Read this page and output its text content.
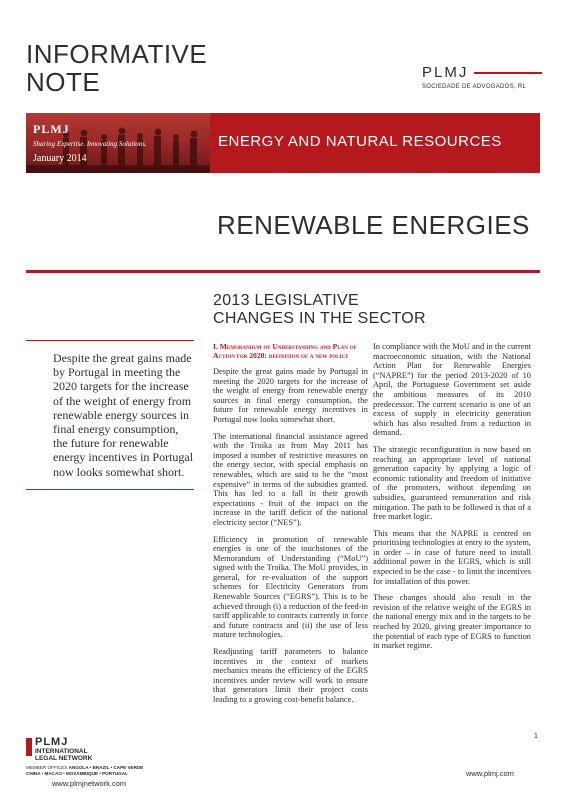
INFORMATIVE
NOTE	PLMJ
SOCIEDADE DE ADVOGADOS, RL
PLMJ
Sharing Expertise. Innovating Solutions.
January 2014
ENERGY AND NATURAL RESOURCES
RENEWABLE ENERGIES
2013 LEGISLATIVE
CHANGES IN THE SECTOR

Despite the great gains made by Portugal in meeting the 2020 targets for the increase of the weight of energy from renewable energy sources in final energy consumption, the future for renewable energy incentives in Portugal now looks somewhat short.

I. Memorandum of Understanding and Plan of Action for 2020: definition of a new policy

Despite the great gains made by Portugal in meeting the 2020 targets for the increase of the weight of energy from renewable energy sources in final energy consumption, the future for renewable energy incentives in Portugal now looks somewhat short.

The international financial assistance agreed with the Troika as from May 2011 has imposed a number of restrictive measures on the energy sector, with special emphasis on renewables, which are said to be the “most expensive” in terms of the subsidies granted. This has led to a fall in their growth expectations - fruit of the impact on the increase in the tariff deficit of the national electricity sector (“NES”).

Efficiency in promotion of renewable energies is one of the touchstones of the Memorandum of Understanding (“MoU”) signed with the Troika. The MoU provides, in general, for re-evaluation of the support schemes for Electricity Generators from Renewable Sources (“EGRS”). This is to be achieved through (i) a reduction of the feed-in tariff applicable to contracts currently in force and future contracts and (ii) the use of less mature technologies.

Readjusting tariff parameters to balance incentives in the context of markets mechanics means the efficiency of the EGRS incentives under review will work to ensure that generators limit their project costs leading to a growing cost-benefit balance.

In compliance with the MoU and in the current macroeconomic situation, with the National Action Plan for Renewable Energies (“NAPRE”) for the period 2013-2020 of 10 April, the Portuguese Government set aside the ambitious measures of its 2010 predecessor. The current scenario is one of an excess of supply in electricity generation which has also resulted from a reduction in demand.

The strategic reconfiguration is now based on reaching an appropriate level of national generation capacity by applying a logic of economic rationality and freedom of initiative of the promoters, without depending on subsidies, guaranteed remuneration and risk mitigation. The path to be followed is that of a free market logic.

This means that the NAPRE is centred on prioritising technologies at entry to the system, in order – in case of future need to install additional power in the EGRS, which is still expected to be the case - to limit the incentives for installation of this power.

These changes should also result in the revision of the relative weight of the EGRS in the national energy mix and in the targets to be reached by 2020, giving greater importance to the potential of each type of EGRS to function in market regime.

1
PLMJ
INTERNATIONAL
LEGAL NETWORK
MEMBER OFFICES ANGOLA • BRAZIL • CAPE VERDE
CHINA • MACAO • MOZAMBIQUE • PORTUGAL
www.plmjnetwork.com
www.plmj.com
